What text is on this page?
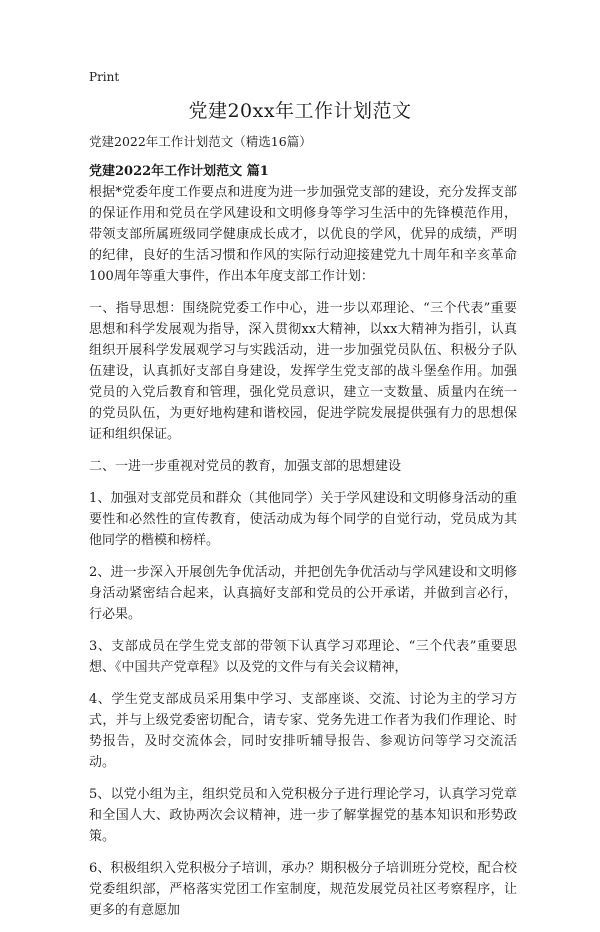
Print
党建20xx年工作计划范文
党建2022年工作计划范文（精选16篇）
党建2022年工作计划范文 篇1

根据*党委年度工作要点和进度为进一步加强党支部的建设，充分发挥支部的保证作用和党员在学风建设和文明修身等学习生活中的先锋模范作用，带领支部所属班级同学健康成长成才，以优良的学风，优异的成绩，严明的纪律，良好的生活习惯和作风的实际行动迎接建党九十周年和辛亥革命100周年等重大事件，作出本年度支部工作计划：

一、指导思想：围绕院党委工作中心，进一步以邓理论、“三个代表”重要思想和科学发展观为指导，深入贯彻xx大精神，以xx大精神为指引，认真组织开展科学发展观学习与实践活动，进一步加强党员队伍、积极分子队伍建设，认真抓好支部自身建设，发挥学生党支部的战斗堡垒作用。加强党员的入党后教育和管理，强化党员意识，建立一支数量、质量内在统一的党员队伍，为更好地构建和谐校园，促进学院发展提供强有力的思想保证和组织保证。

二、一进一步重视对党员的教育，加强支部的思想建设

1、加强对支部党员和群众（其他同学）关于学风建设和文明修身活动的重要性和必然性的宣传教育，使活动成为每个同学的自觉行动，党员成为其他同学的楷模和榜样。

2、进一步深入开展创先争优活动，并把创先争优活动与学风建设和文明修身活动紧密结合起来，认真搞好支部和党员的公开承诺，并做到言必行，行必果。

3、支部成员在学生党支部的带领下认真学习邓理论、“三个代表”重要思想、《中国共产党章程》以及党的文件与有关会议精神，

4、学生党支部成员采用集中学习、支部座谈、交流、讨论为主的学习方式，并与上级党委密切配合，请专家、党务先进工作者为我们作理论、时势报告，及时交流体会，同时安排听辅导报告、参观访问等学习交流活动。

5、以党小组为主，组织党员和入党积极分子进行理论学习，认真学习党章和全国人大、政协两次会议精神，进一步了解掌握党的基本知识和形势政策。

6、积极组织入党积极分子培训，承办？期积极分子培训班分党校，配合校党委组织部，严格落实党团工作室制度，规范发展党员社区考察程序，让更多的有意愿加
